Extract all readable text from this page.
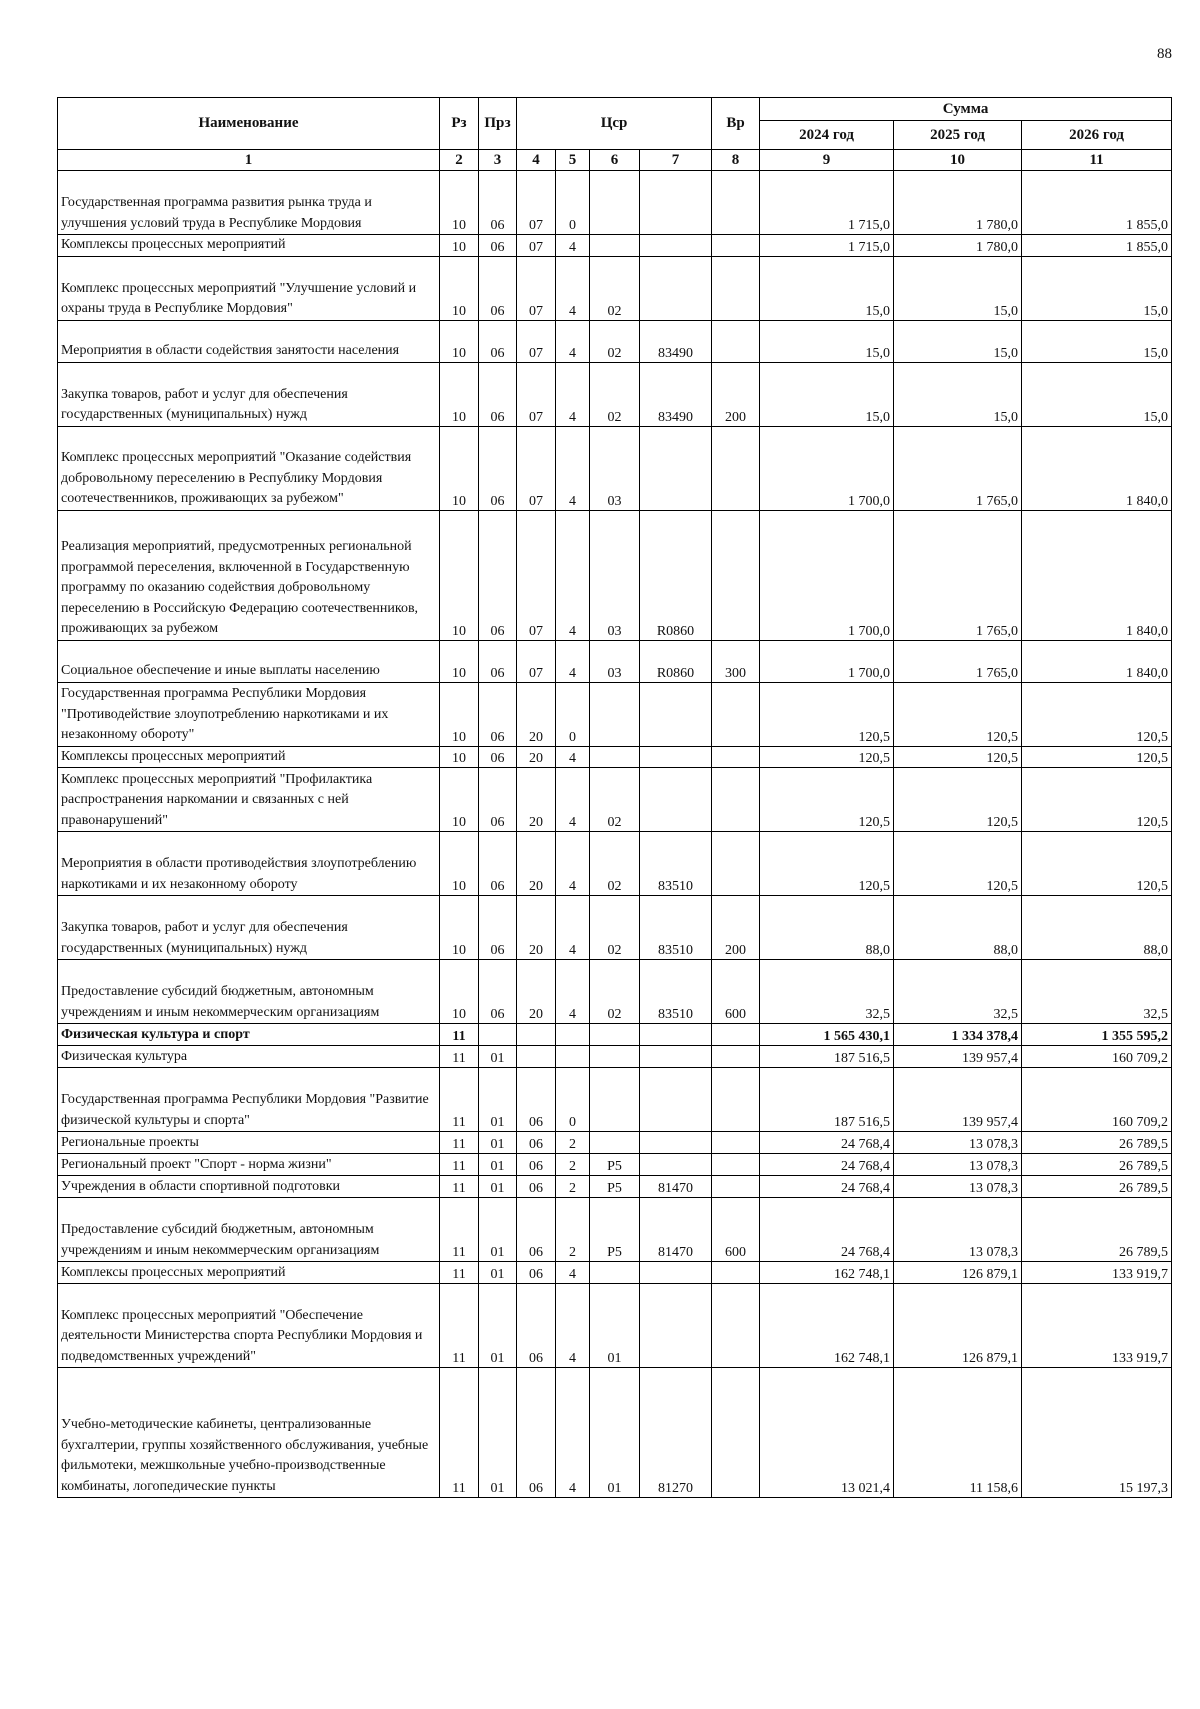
88
Наименование	Рз	Прз	Цср				Вр	Сумма		
								2024 год	2025 год	2026 год
1	2	3	4	5	6	7	8	9	10	11
Государственная программа развития рынка труда и улучшения условий труда в Республике Мордовия	10	06	07	0				1 715,0	1 780,0	1 855,0
Комплексы процессных мероприятий	10	06	07	4				1 715,0	1 780,0	1 855,0
Комплекс процессных мероприятий "Улучшение условий и охраны труда в Республике Мордовия"	10	06	07	4	02			15,0	15,0	15,0
Мероприятия в области содействия занятости населения	10	06	07	4	02	83490		15,0	15,0	15,0
Закупка товаров, работ и услуг для обеспечения государственных (муниципальных) нужд	10	06	07	4	02	83490	200	15,0	15,0	15,0
Комплекс процессных мероприятий "Оказание содействия добровольному переселению в Республику Мордовия соотечественников, проживающих за рубежом"	10	06	07	4	03			1 700,0	1 765,0	1 840,0
Реализация мероприятий, предусмотренных региональной программой переселения, включенной в Государственную программу по оказанию содействия добровольному переселению в Российскую Федерацию соотечественников, проживающих за рубежом	10	06	07	4	03	R0860		1 700,0	1 765,0	1 840,0
Социальное обеспечение и иные выплаты населению	10	06	07	4	03	R0860	300	1 700,0	1 765,0	1 840,0
Государственная программа Республики Мордовия "Противодействие злоупотреблению наркотиками и их незаконному обороту"	10	06	20	0				120,5	120,5	120,5
Комплексы процессных мероприятий	10	06	20	4				120,5	120,5	120,5
Комплекс процессных мероприятий "Профилактика распространения наркомании и связанных с ней правонарушений"	10	06	20	4	02			120,5	120,5	120,5
Мероприятия в области противодействия злоупотреблению наркотиками и их незаконному обороту	10	06	20	4	02	83510		120,5	120,5	120,5
Закупка товаров, работ и услуг для обеспечения государственных (муниципальных) нужд	10	06	20	4	02	83510	200	88,0	88,0	88,0
Предоставление субсидий бюджетным, автономным учреждениям и иным некоммерческим организациям	10	06	20	4	02	83510	600	32,5	32,5	32,5
Физическая культура и спорт	11							1 565 430,1	1 334 378,4	1 355 595,2
Физическая культура	11	01						187 516,5	139 957,4	160 709,2
Государственная программа Республики Мордовия "Развитие физической культуры и спорта"	11	01	06	0				187 516,5	139 957,4	160 709,2
Региональные проекты	11	01	06	2				24 768,4	13 078,3	26 789,5
Региональный проект "Спорт - норма жизни"	11	01	06	2	P5			24 768,4	13 078,3	26 789,5
Учреждения в области спортивной подготовки	11	01	06	2	P5	81470		24 768,4	13 078,3	26 789,5
Предоставление субсидий бюджетным, автономным учреждениям и иным некоммерческим организациям	11	01	06	2	P5	81470	600	24 768,4	13 078,3	26 789,5
Комплексы процессных мероприятий	11	01	06	4				162 748,1	126 879,1	133 919,7
Комплекс процессных мероприятий "Обеспечение деятельности Министерства спорта Республики Мордовия и подведомственных учреждений"	11	01	06	4	01			162 748,1	126 879,1	133 919,7
Учебно-методические кабинеты, централизованные бухгалтерии, группы хозяйственного обслуживания, учебные фильмотеки, межшкольные учебно-производственные комбинаты, логопедические пункты	11	01	06	4	01	81270		13 021,4	11 158,6	15 197,3
